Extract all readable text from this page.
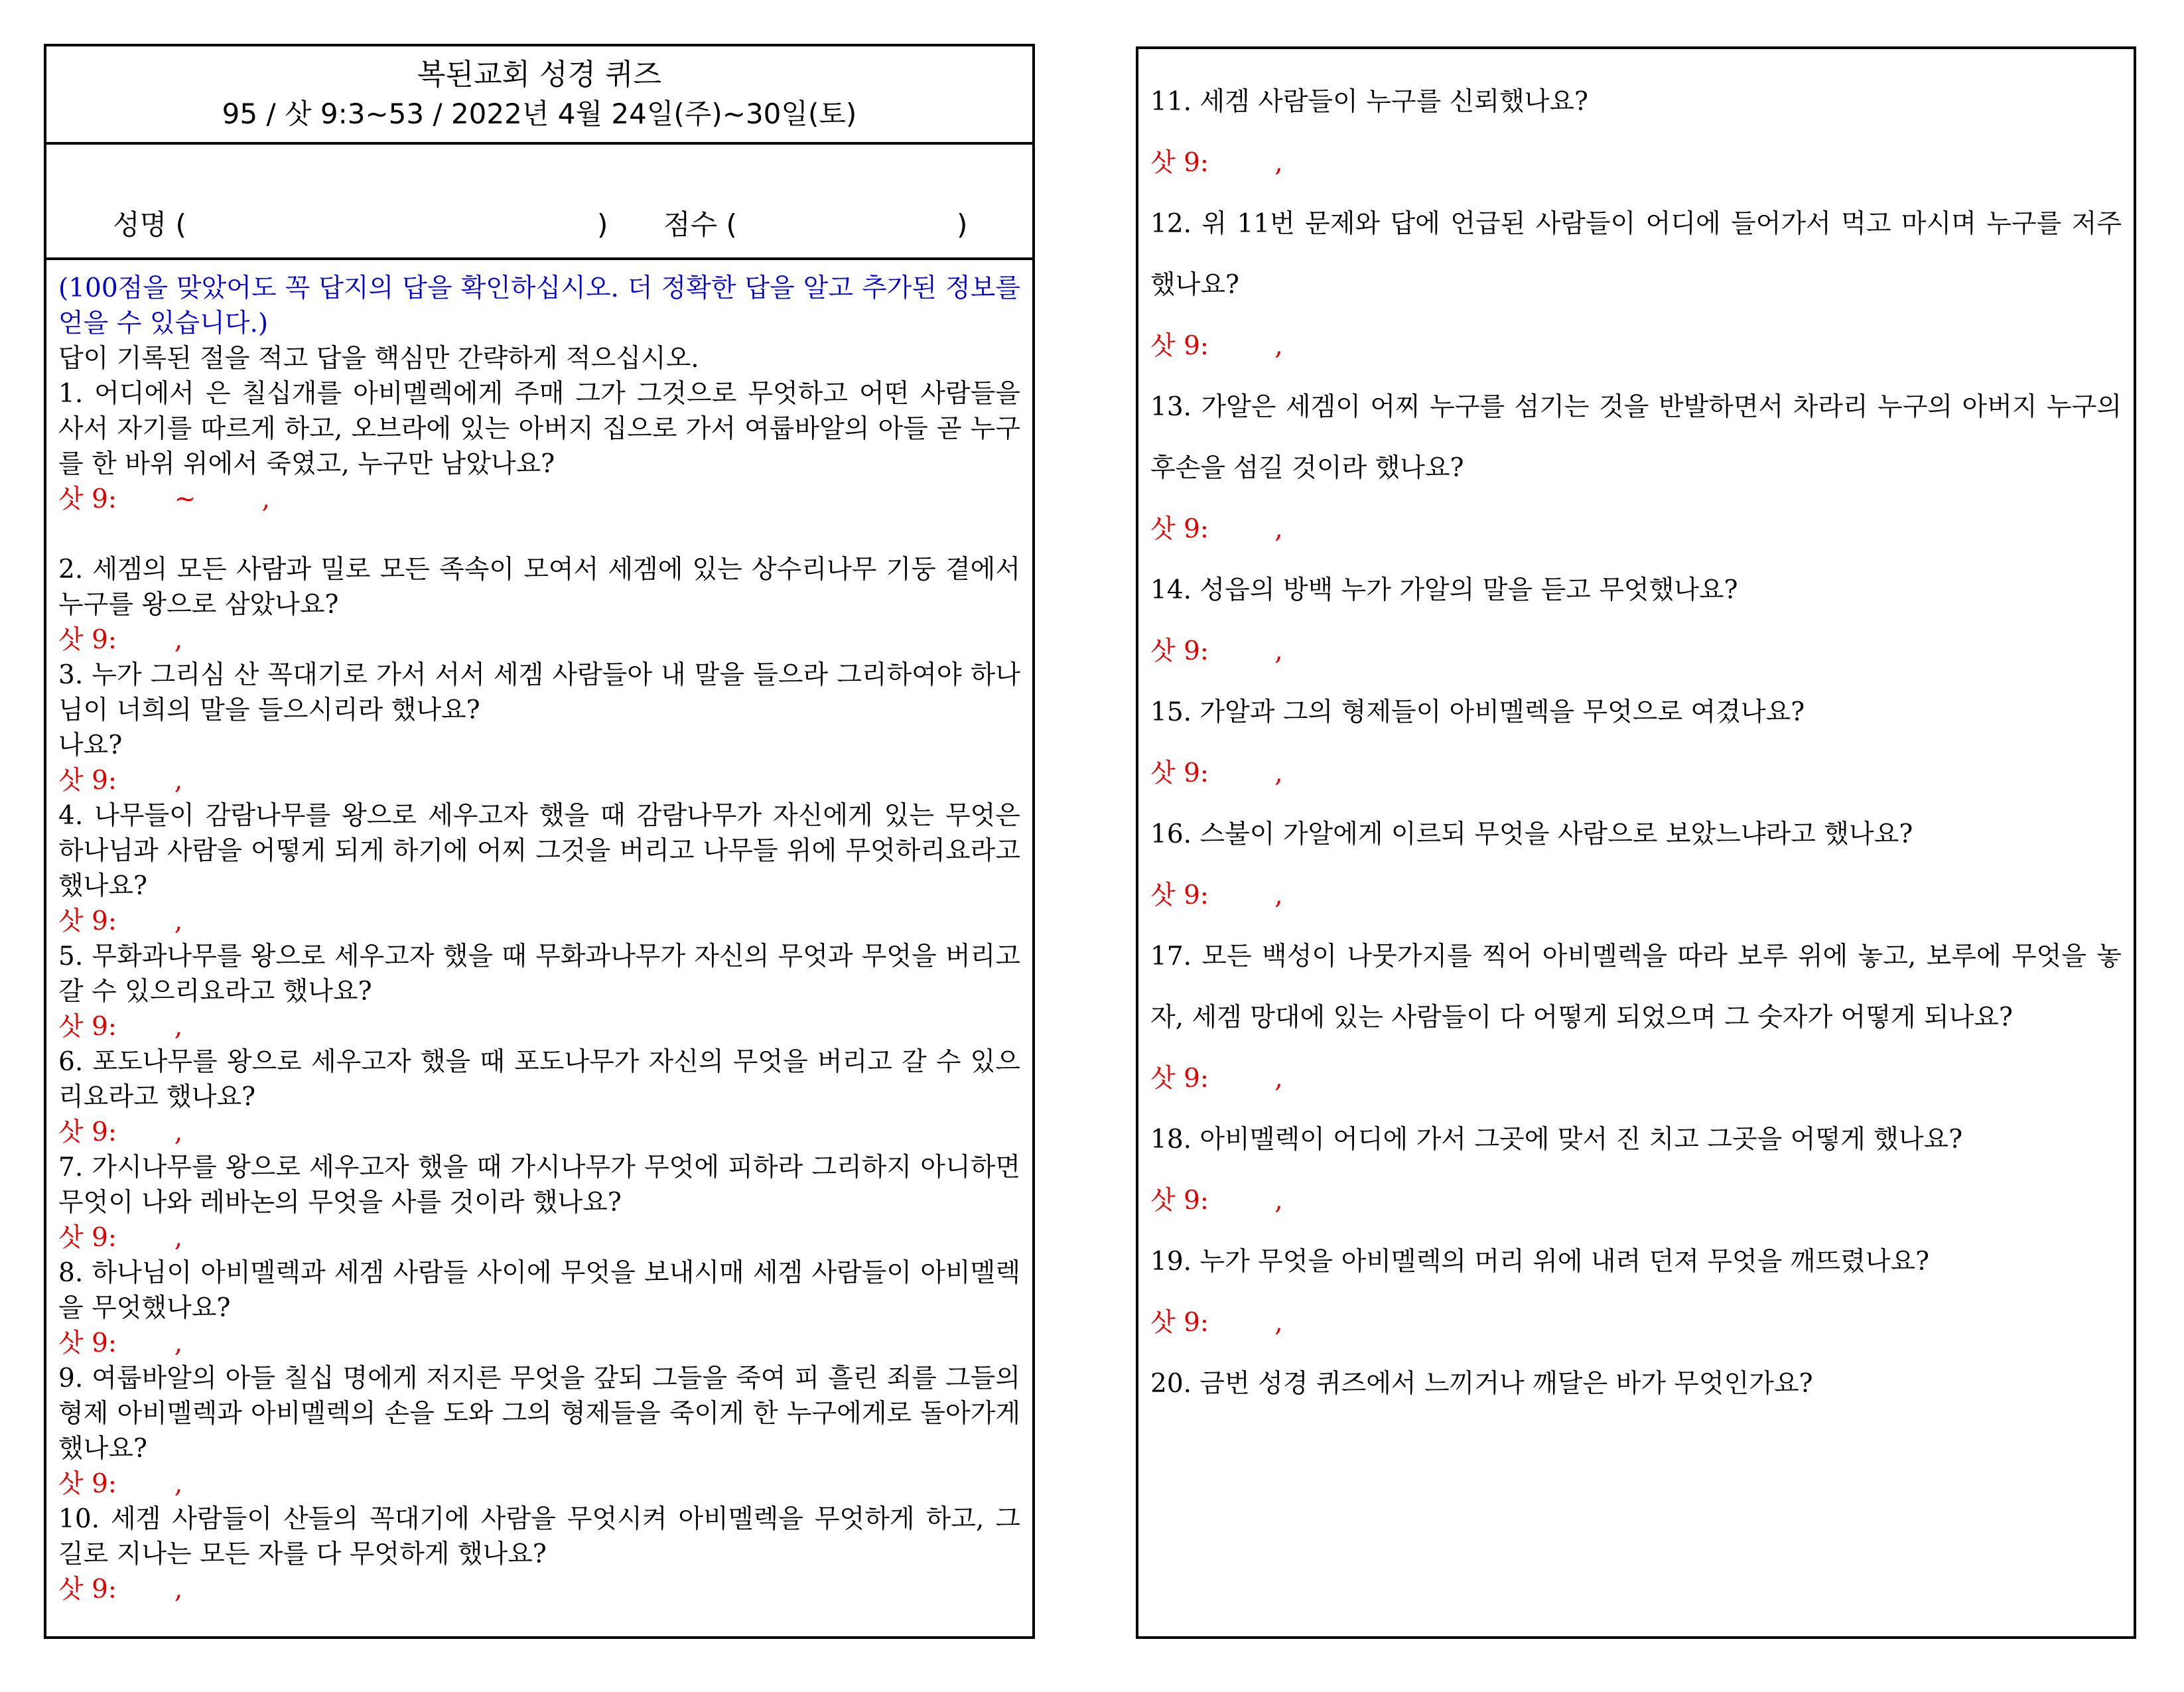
복된교회 성경 퀴즈
95 / 삿 9:3~53 / 2022년 4월 24일(주)~30일(토)
성명 (	) 점수 (	)

(100점을 맞았어도 꼭 답지의 답을 확인하십시오. 더 정확한 답을 알고 추가된 정보를 얻을 수 있습니다.)

답이 기록된 절을 적고 답을 핵심만 간략하게 적으십시오.

1. 어디에서 은 칠십개를 아비멜렉에게 주매 그가 그것으로 무엇하고 어떤 사람들을 사서 자기를 따르게 하고, 오브라에 있는 아버지 집으로 가서 여룹바알의 아들 곧 누구를 한 바위 위에서 죽였고, 누구만 남았나요?

삿 9:       ~        ,

2. 세겜의 모든 사람과 밀로 모든 족속이 모여서 세겜에 있는 상수리나무 기둥 곁에서 누구를 왕으로 삼았나요?

삿 9:       ,

3. 누가 그리심 산 꼭대기로 가서 서서 세겜 사람들아 내 말을 들으라 그리하여야 하나님이 너희의 말을 들으시리라 했나요?

나요?

삿 9:       ,

4. 나무들이 감람나무를 왕으로 세우고자 했을 때 감람나무가 자신에게 있는 무엇은 하나님과 사람을 어떻게 되게 하기에 어찌 그것을 버리고 나무들 위에 무엇하리요라고 했나요?

삿 9:       ,

5. 무화과나무를 왕으로 세우고자 했을 때 무화과나무가 자신의 무엇과 무엇을 버리고 갈 수 있으리요라고 했나요?

삿 9:       ,

6. 포도나무를 왕으로 세우고자 했을 때 포도나무가 자신의 무엇을 버리고 갈 수 있으리요라고 했나요?

삿 9:       ,

7. 가시나무를 왕으로 세우고자 했을 때 가시나무가 무엇에 피하라 그리하지 아니하면 무엇이 나와 레바논의 무엇을 사를 것이라 했나요?

삿 9:       ,

8. 하나님이 아비멜렉과 세겜 사람들 사이에 무엇을 보내시매 세겜 사람들이 아비멜렉을 무엇했나요?

삿 9:       ,

9. 여룹바알의 아들 칠십 명에게 저지른 무엇을 갚되 그들을 죽여 피 흘린 죄를 그들의 형제 아비멜렉과 아비멜렉의 손을 도와 그의 형제들을 죽이게 한 누구에게로 돌아가게 했나요?

삿 9:       ,

10. 세겜 사람들이 산들의 꼭대기에 사람을 무엇시켜 아비멜렉을 무엇하게 하고, 그 길로 지나는 모든 자를 다 무엇하게 했나요?

삿 9:       ,

11. 세겜 사람들이 누구를 신뢰했나요?

삿 9:        ,

12. 위 11번 문제와 답에 언급된 사람들이 어디에 들어가서 먹고 마시며 누구를 저주했나요?

삿 9:        ,

13. 가알은 세겜이 어찌 누구를 섬기는 것을 반발하면서 차라리 누구의 아버지 누구의 후손을 섬길 것이라 했나요?

삿 9:        ,

14. 성읍의 방백 누가 가알의 말을 듣고 무엇했나요?

삿 9:        ,

15. 가알과 그의 형제들이 아비멜렉을 무엇으로 여겼나요?

삿 9:        ,

16. 스불이 가알에게 이르되 무엇을 사람으로 보았느냐라고 했나요?

삿 9:        ,

17. 모든 백성이 나뭇가지를 찍어 아비멜렉을 따라 보루 위에 놓고, 보루에 무엇을 놓자, 세겜 망대에 있는 사람들이 다 어떻게 되었으며 그 숫자가 어떻게 되나요?

삿 9:        ,

18. 아비멜렉이 어디에 가서 그곳에 맞서 진 치고 그곳을 어떻게 했나요?

삿 9:        ,

19. 누가 무엇을 아비멜렉의 머리 위에 내려 던져 무엇을 깨뜨렸나요?

삿 9:        ,

20. 금번 성경 퀴즈에서 느끼거나 깨달은 바가 무엇인가요?
